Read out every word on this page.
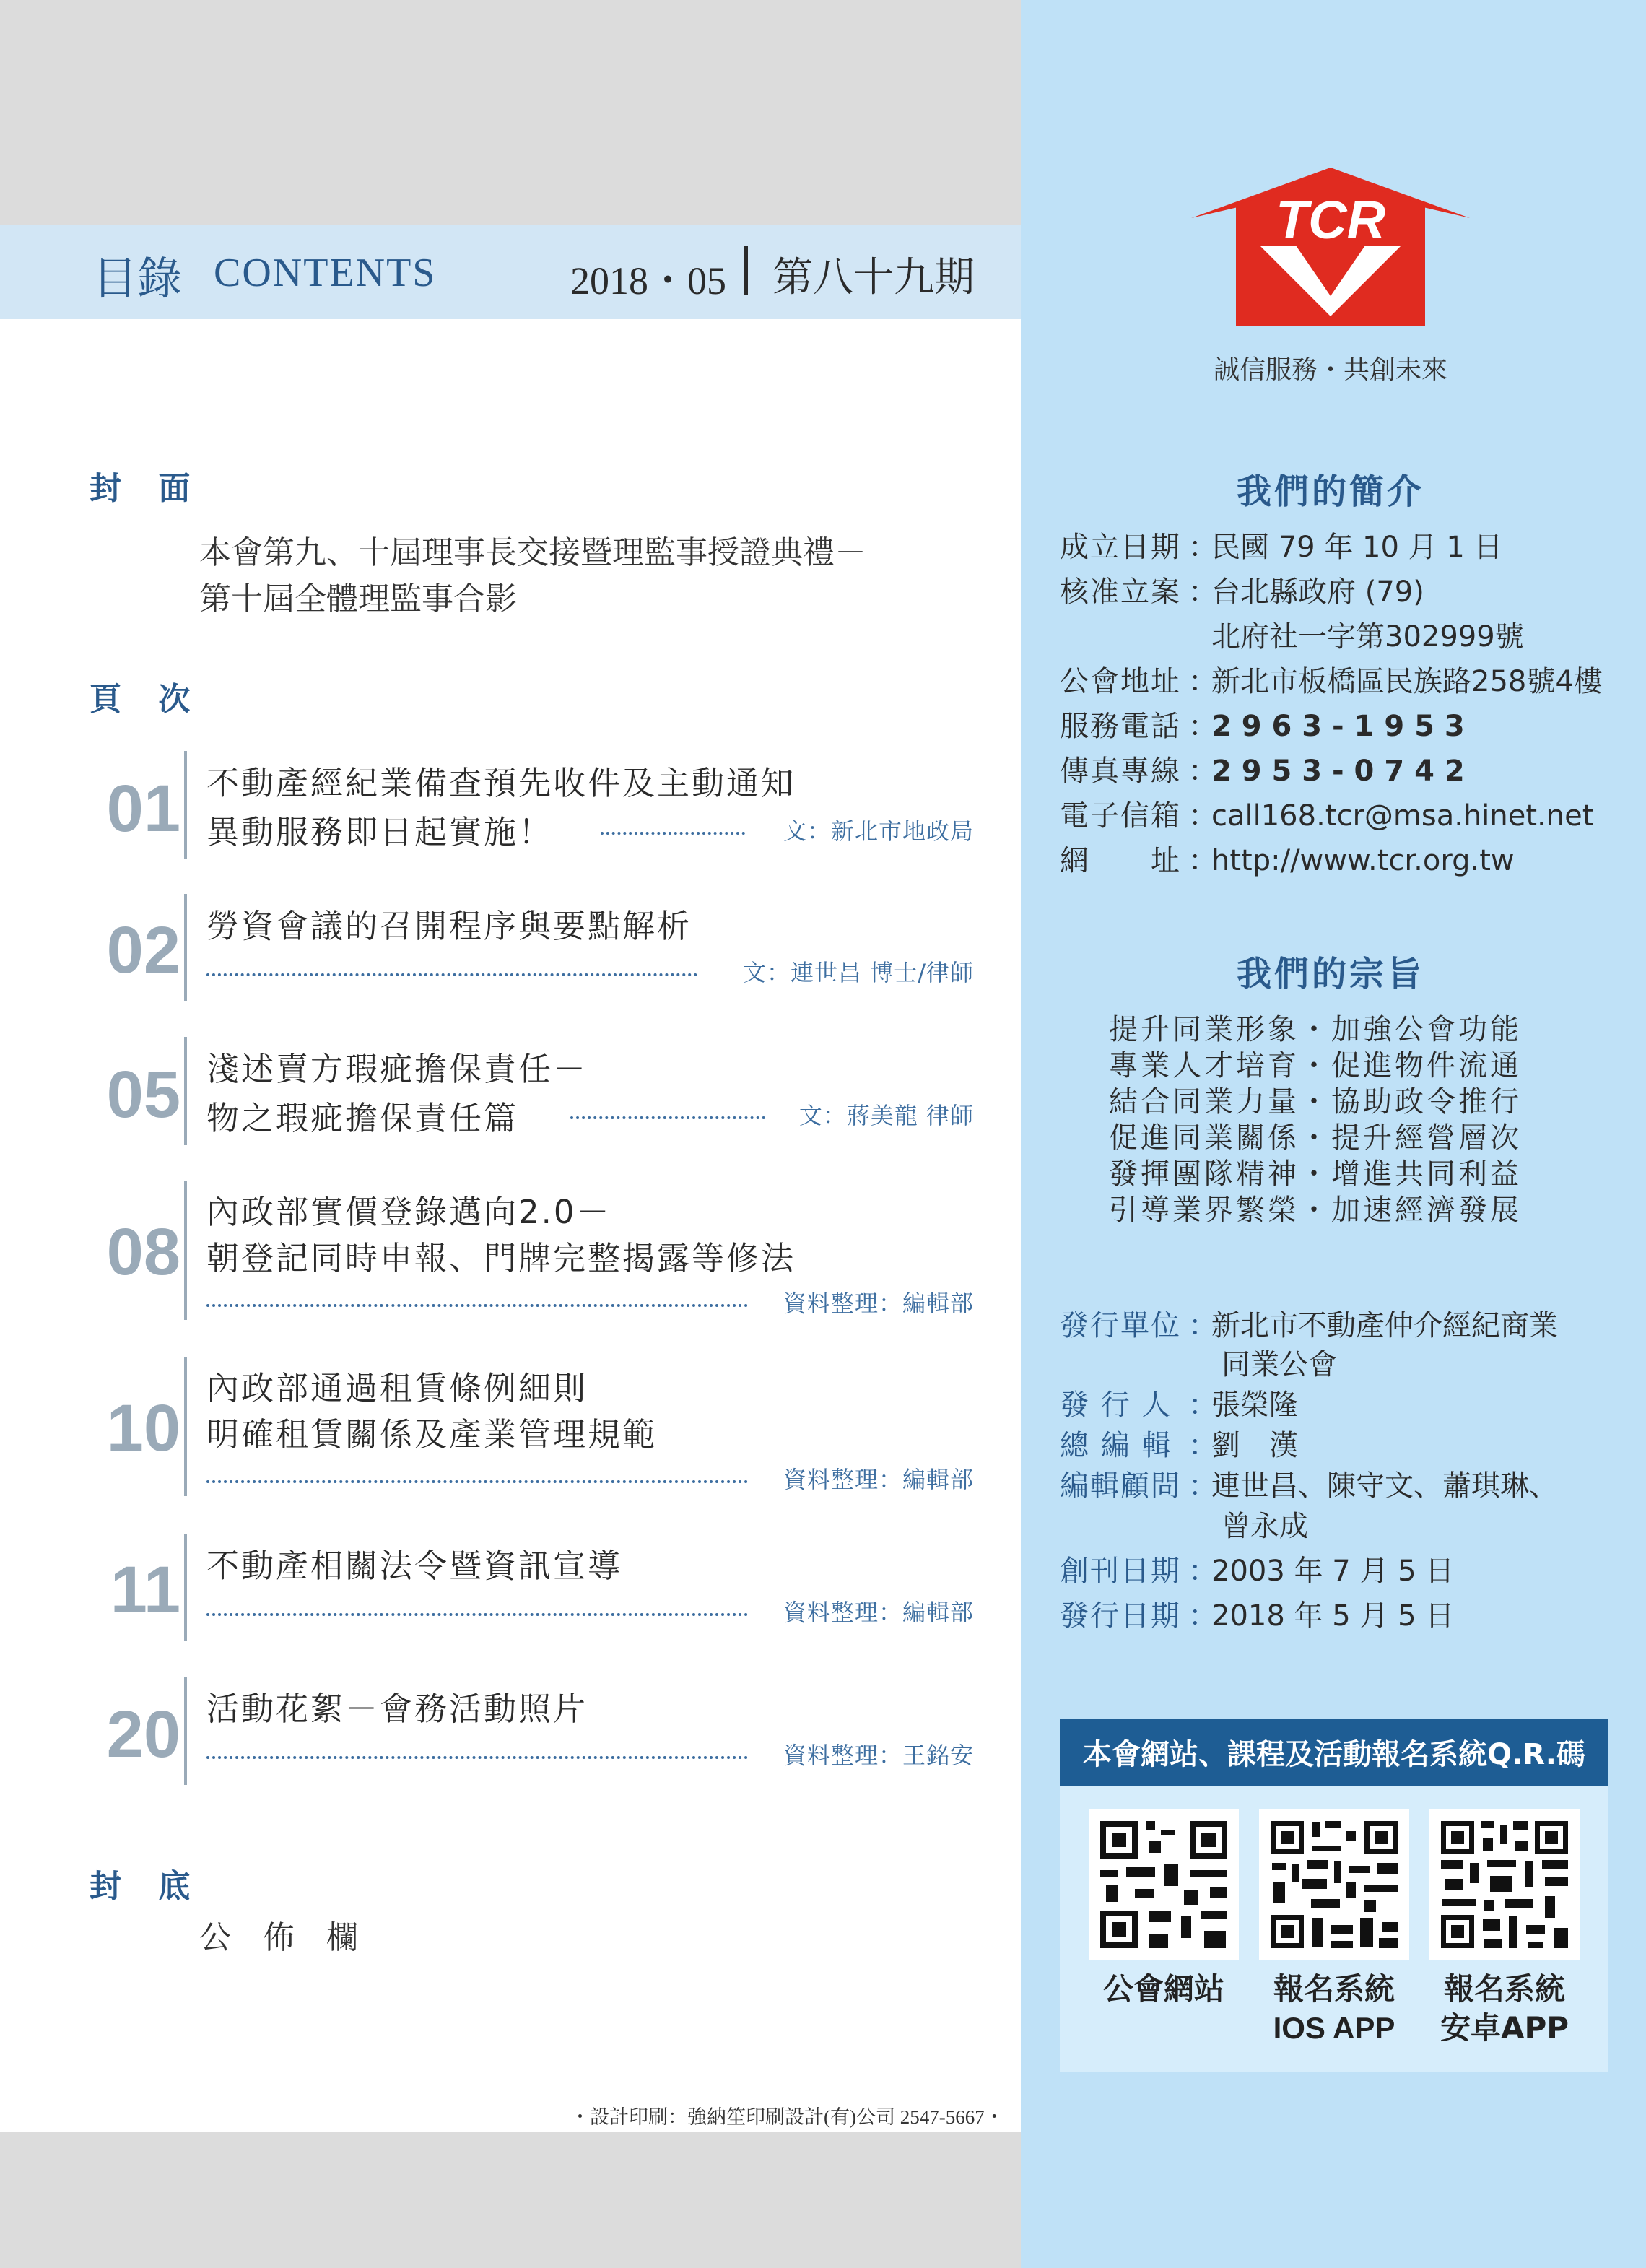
目錄 CONTENTS	2018・05 第八十九期
封 面
本會第九、十屆理事長交接暨理監事授證典禮－
第十屆全體理監事合影
頁 次
01 不動產經紀業備查預先收件及主動通知
異動服務即日起實施！	文：新北市地政局
02 勞資會議的召開程序與要點解析
文：連世昌 博士/律師
05 淺述賣方瑕疵擔保責任－
物之瑕疵擔保責任篇	文：蔣美龍 律師
08
內政部實價登錄邁向2.0－
朝登記同時申報、門牌完整揭露等修法
資料整理：編輯部
10
內政部通過租賃條例細則
明確租賃關係及產業管理規範
資料整理：編輯部
11 不動產相關法令暨資訊宣導
資料整理：編輯部
20 活動花絮－會務活動照片
資料整理：王銘安
封 底
公　佈　欄
・設計印刷：強納笙印刷設計(有)公司 2547-5667・
TCR
誠信服務・共創未來
我們的簡介
成立日期 ：民國 79 年 10 月 1 日
核准立案 ：台北縣政府 (79)
北府社一字第302999號
公會地址 ：新北市板橋區民族路258號4樓
服務電話 ：2 9 6 3 - 1 9 5 3
傳真專線 ：2 9 5 3 - 0 7 4 2
電子信箱 ：call168.tcr@msa.hinet.net
網　　址 ：http://www.tcr.org.tw
我們的宗旨
提升同業形象・加強公會功能
專業人才培育・促進物件流通
結合同業力量・協助政令推行
促進同業關係・提升經營層次
發揮團隊精神・增進共同利益
引導業界繁榮・加速經濟發展
發行單位 ：新北市不動產仲介經紀商業
同業公會
發 行 人 ：張榮隆
總 編 輯 ：劉　漢
編輯顧問 ：連世昌、陳守文、蕭琪琳、
曾永成
創刊日期 ：2003 年 7 月 5 日
發行日期 ：2018 年 5 月 5 日
本會網站、課程及活動報名系統Q.R.碼
公會網站	報名系統
IOS APP
報名系統
安卓APP
